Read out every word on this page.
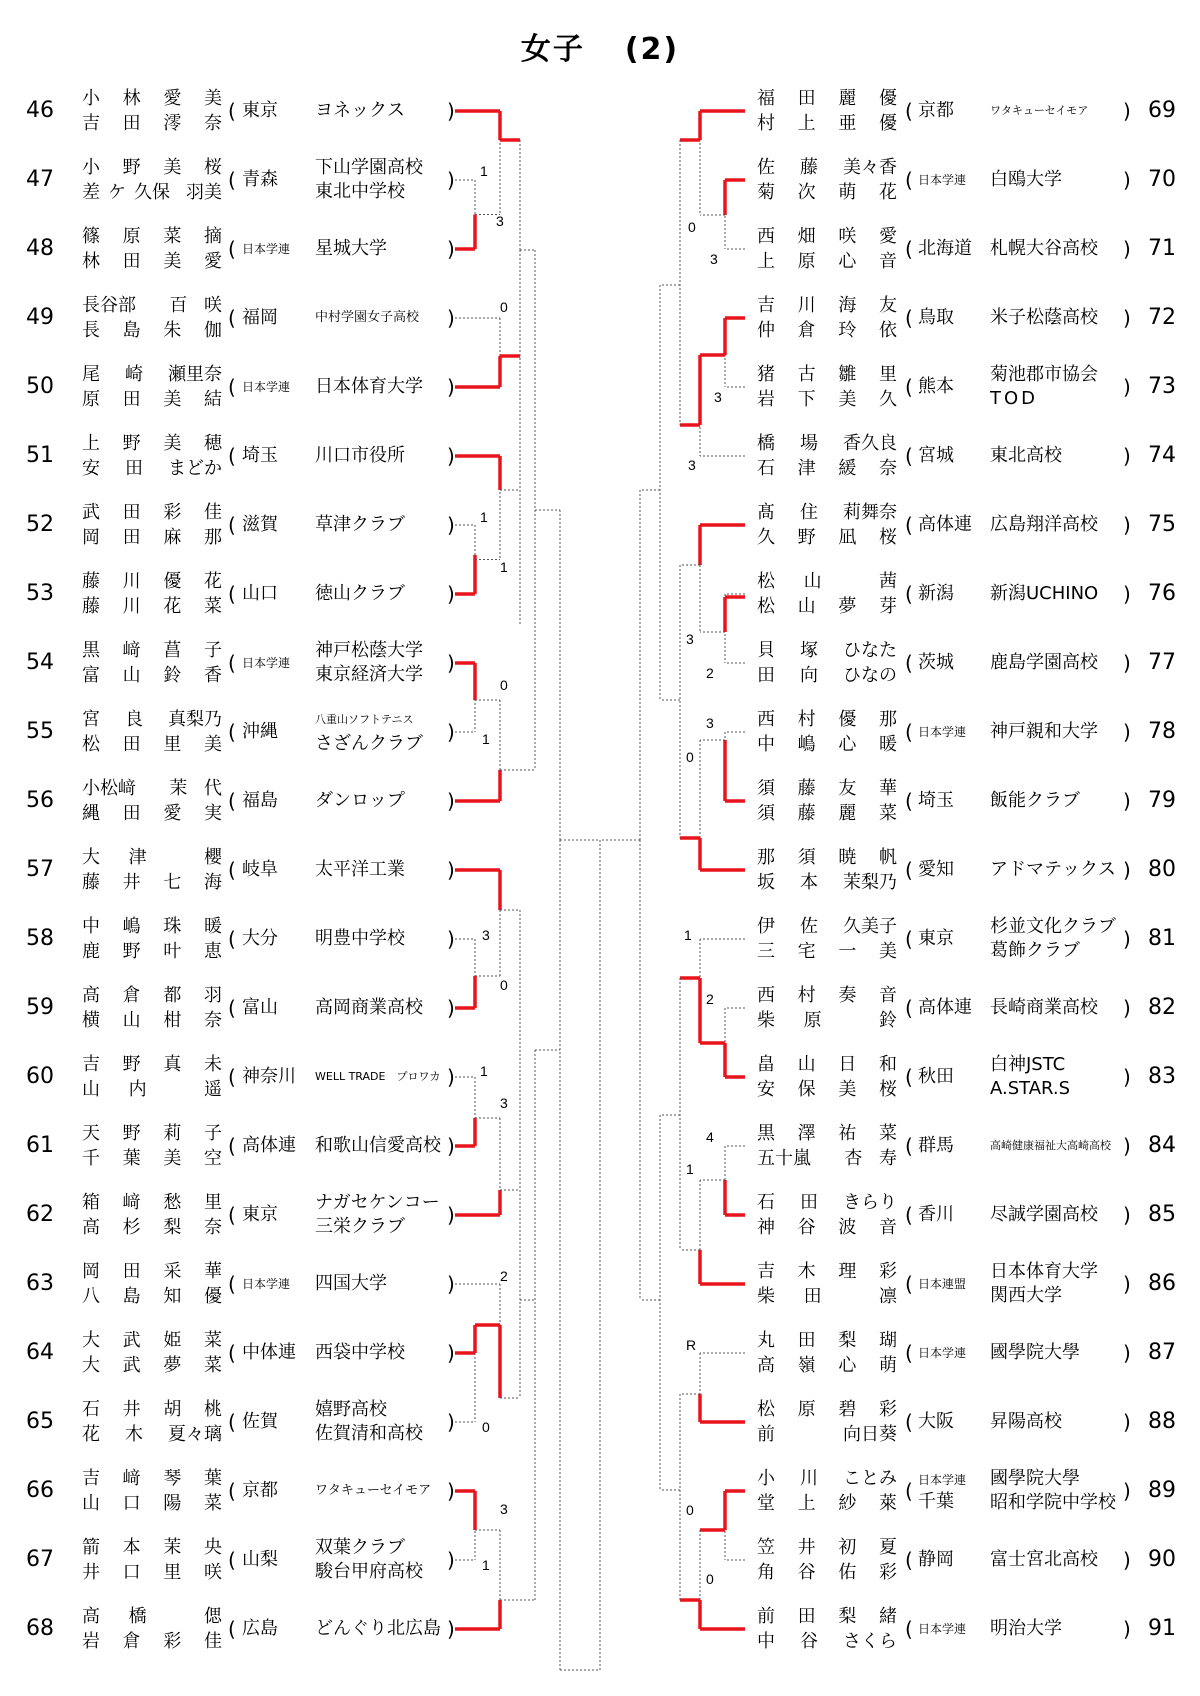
女子 (2)
1
3
0
1
1
0
1
3
0
1
3
2
0
3
1
0
3
3
3
3
2
3
0
1
2
4
1
R
0
0
46 小 林 愛 美
吉 田 澪 奈
( 東京 ヨネックス )
47 小 野 美 桜
差 ケ 久保 羽美
( 青森
下山学園高校
東北中学校	)
48 篠 原 菜 摘
林 田 美 愛
( 日本学連 星城大学	)
49 長谷部 百 咲
長 島 朱 伽
( 福岡	中村学園女子高校 )
50 尾 崎 瀬里奈
原 田 美 結
( 日本学連 日本体育大学 )
51 上 野 美 穂
安 田 まどか
( 埼玉 川口市役所 )
52 武 田 彩 佳
岡 田 麻 那
( 滋賀 草津クラブ )
53 藤 川 優 花
藤 川 花 菜
( 山口 徳山クラブ )
54 黒 﨑 菖 子
富 山 鈴 香
( 日本学連
神戸松蔭大学
東京経済大学 )
55 宮 良 真梨乃
松 田 里 美
( 沖縄
八重山ソフトテニス
さざんクラブ )
56 小松﨑 茉 代
縄 田 愛 実
( 福島 ダンロップ )
57 大 津	櫻
藤 井 七 海
( 岐阜 太平洋工業 )
58 中 嶋 珠 暖
鹿 野 叶 恵
( 大分 明豊中学校 )
59 高 倉 都 羽
横 山 柑 奈
( 富山 高岡商業高校 )
60 吉 野 真 未
山 内	遥
( 神奈川 WELL TRADE　プロワカ )
61 天 野 莉 子
千 葉 美 空
( 高体連 和歌山信愛高校 )
62 箱 﨑 愁 里
高 杉 梨 奈
( 東京
ナガセケンコー
三栄クラブ	)
63 岡 田 采 華
八 島 知 優
( 日本学連 四国大学	)
64 大 武 姫 菜
大 武 夢 菜
( 中体連 西袋中学校 )
65 石 井 胡 桃
花 木 夏々璃
( 佐賀
嬉野高校
佐賀清和高校 )
66 吉 﨑 琴 葉
山 口 陽 菜
( 京都	ワタキューセイモア )
67 箭 本 茉 央
井 口 里 咲
( 山梨
双葉クラブ
駿台甲府高校 )
68 高 橋	偲
岩 倉 彩 佳
( 広島 どんぐり北広島 )
69
福 田 麗 優
村 上 亜 優
( 京都	ワタキューセイモア )
70
佐 藤 美々香
菊 次 萌 花
( 日本学連 白鴎大学	)
71
西 畑 咲 愛
上 原 心 音
( 北海道 札幌大谷高校 )
72
吉 川 海 友
仲 倉 玲 依
( 鳥取 米子松蔭高校 )
73
猪 古 雛 里
岩 下 美 久
( 熊本
菊池郡市協会
TOD	)
74
橋 場 香久良
石 津 緩 奈
( 宮城 東北高校	)
75
髙 住 莉舞奈
久 野 凪 桜
( 高体連 広島翔洋高校 )
76
松 山	茜
松 山 夢 芽
( 新潟 新潟UCHINO )
77
貝 塚 ひなた
田 向 ひなの
( 茨城 鹿島学園高校 )
78
西 村 優 那
中 嶋 心 暖
( 日本学連 神戸親和大学 )
79
須 藤 友 華
須 藤 麗 菜
( 埼玉 飯能クラブ )
80
那 須 暁 帆
坂 本 茉梨乃
( 愛知 アドマテックス )
81
伊 佐 久美子
三 宅 一 美
( 東京
杉並文化クラブ
葛飾クラブ	)
82
西 村 奏 音
柴 原	鈴
( 高体連 長崎商業高校 )
83
畠 山 日 和
安 保 美 桜
( 秋田
白神JSTC
A.STAR.S	)
84
黒 澤 祐 菜
五十嵐 杏 寿
( 群馬	高崎健康福祉大高崎高校 )
85
石 田 きらり
神 谷 波 音
( 香川 尽誠学園高校 )
86
吉 木 理 彩
柴 田	凛
( 日本連盟
日本体育大学
関西大学	)
87
丸 田 梨 瑚
高 嶺 心 萌
( 日本学連 國學院大學 )
88
松 原 碧 彩
前	向日葵
( 大阪 昇陽高校	)
89
小 川 ことみ
堂 上 紗 萊
( 日本学連
千葉
國學院大學
昭和学院中学校 )
90
笠 井 初 夏
角 谷 佑 彩
( 静岡 富士宮北高校 )
91
前 田 梨 緒
中 谷 さくら
( 日本学連 明治大学	)
